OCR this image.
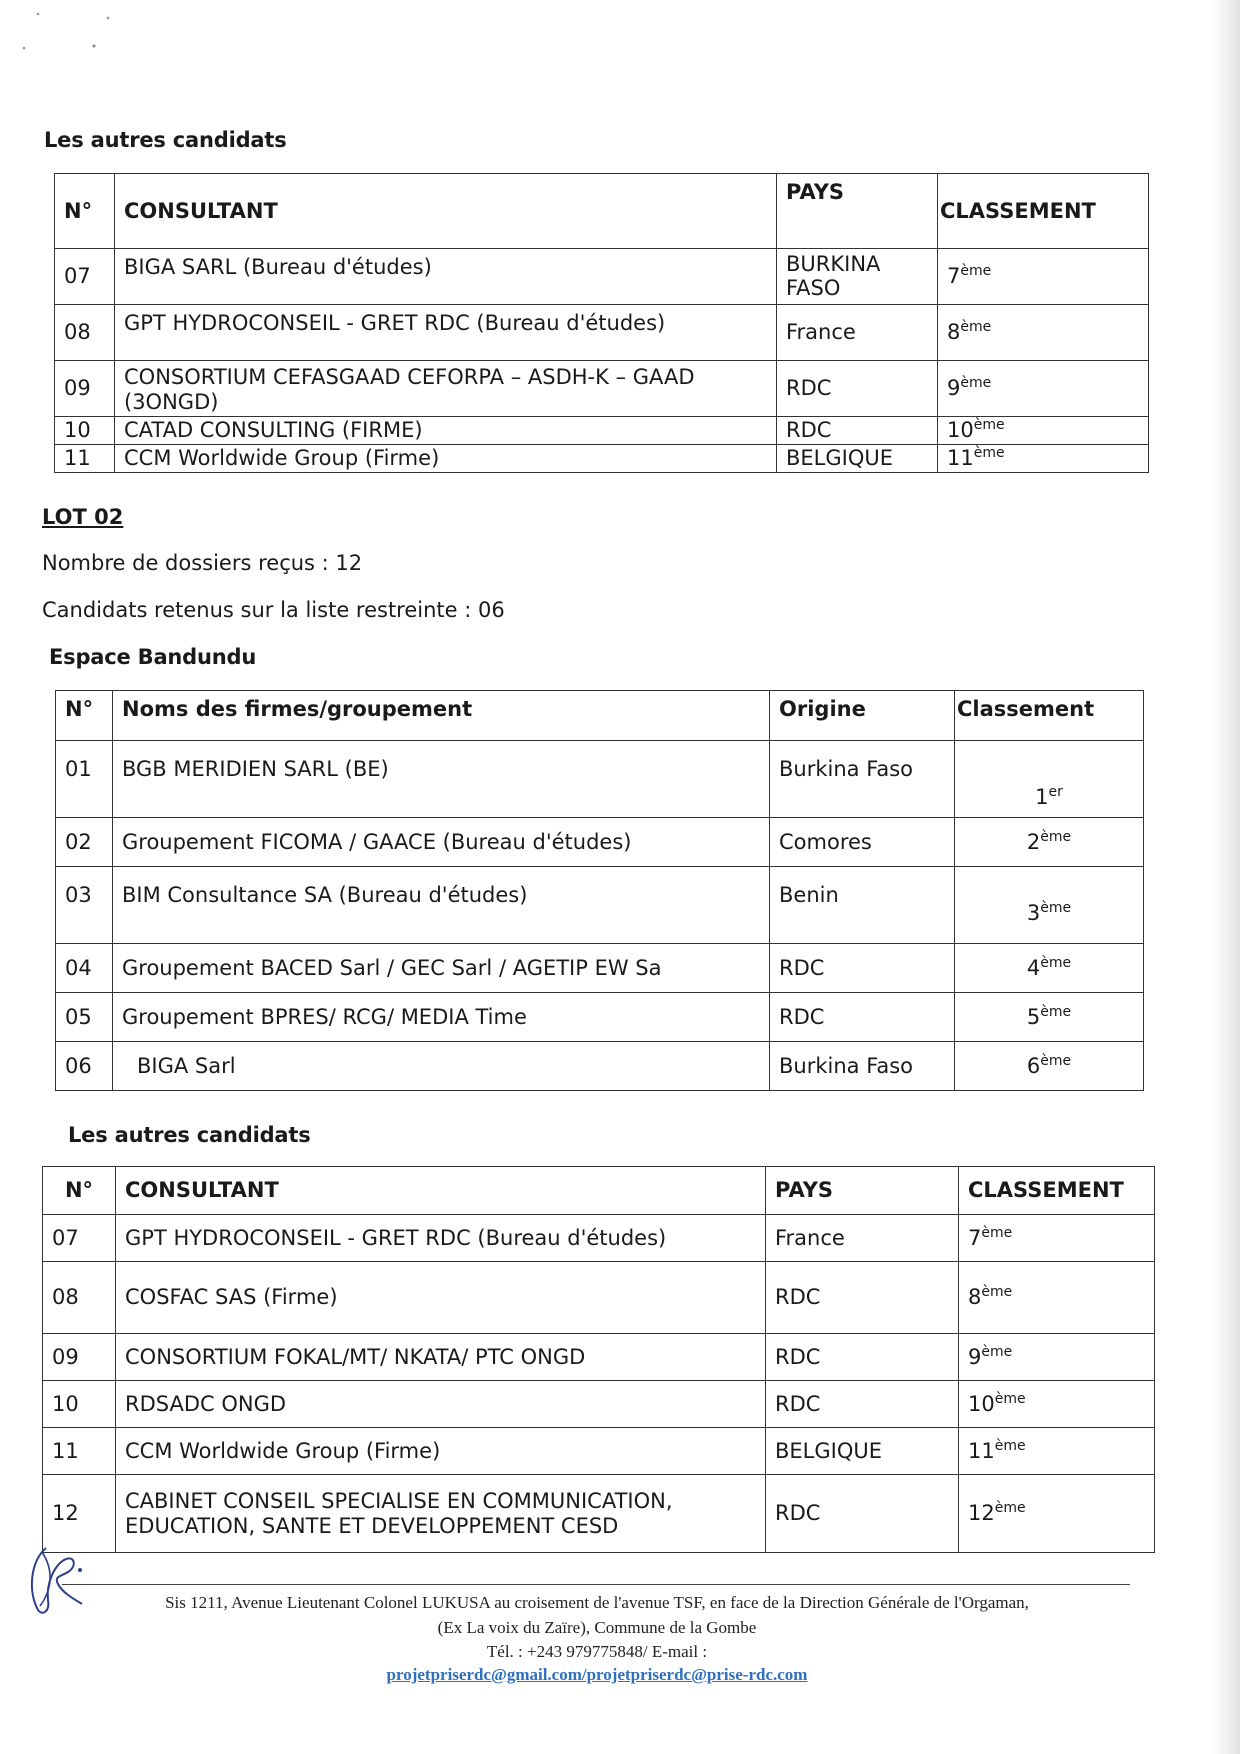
Les autres candidats
N°	CONSULTANT	PAYS	CLASSEMENT
07	BIGA SARL (Bureau d'études)	BURKINA FASO	7ème
08	GPT HYDROCONSEIL - GRET RDC (Bureau d'études)	France	8ème
09	CONSORTIUM CEFASGAAD CEFORPA – ASDH-K – GAAD (3ONGD)	RDC	9ème
10	CATAD CONSULTING (FIRME)	RDC	10ème
11	CCM Worldwide Group (Firme)	BELGIQUE	11ème
LOT 02
Nombre de dossiers reçus : 12
Candidats retenus sur la liste restreinte : 06
Espace Bandundu
N°	Noms des firmes/groupement	Origine	Classement
01	BGB MERIDIEN SARL (BE)	Burkina Faso	1er
02	Groupement FICOMA / GAACE (Bureau d'études)	Comores	2ème
03	BIM Consultance SA (Bureau d'études)	Benin	3ème
04	Groupement BACED Sarl / GEC Sarl / AGETIP EW Sa	RDC	4ème
05	Groupement BPRES/ RCG/ MEDIA Time	RDC	5ème
06	BIGA Sarl	Burkina Faso	6ème
Les autres candidats
N°	CONSULTANT	PAYS	CLASSEMENT
07	GPT HYDROCONSEIL - GRET RDC (Bureau d'études)	France	7ème
08	COSFAC SAS (Firme)	RDC	8ème
09	CONSORTIUM FOKAL/MT/ NKATA/ PTC ONGD	RDC	9ème
10	RDSADC ONGD	RDC	10ème
11	CCM Worldwide Group (Firme)	BELGIQUE	11ème
12	CABINET CONSEIL SPECIALISE EN COMMUNICATION, EDUCATION, SANTE ET DEVELOPPEMENT CESD	RDC	12ème
Sis 1211, Avenue Lieutenant Colonel LUKUSA au croisement de l'avenue TSF, en face de la Direction Générale de l'Orgaman,
(Ex La voix du Zaïre), Commune de la Gombe
Tél. : +243 979775848/ E-mail :
projetpriserdc@gmail.com/projetpriserdc@prise-rdc.com
